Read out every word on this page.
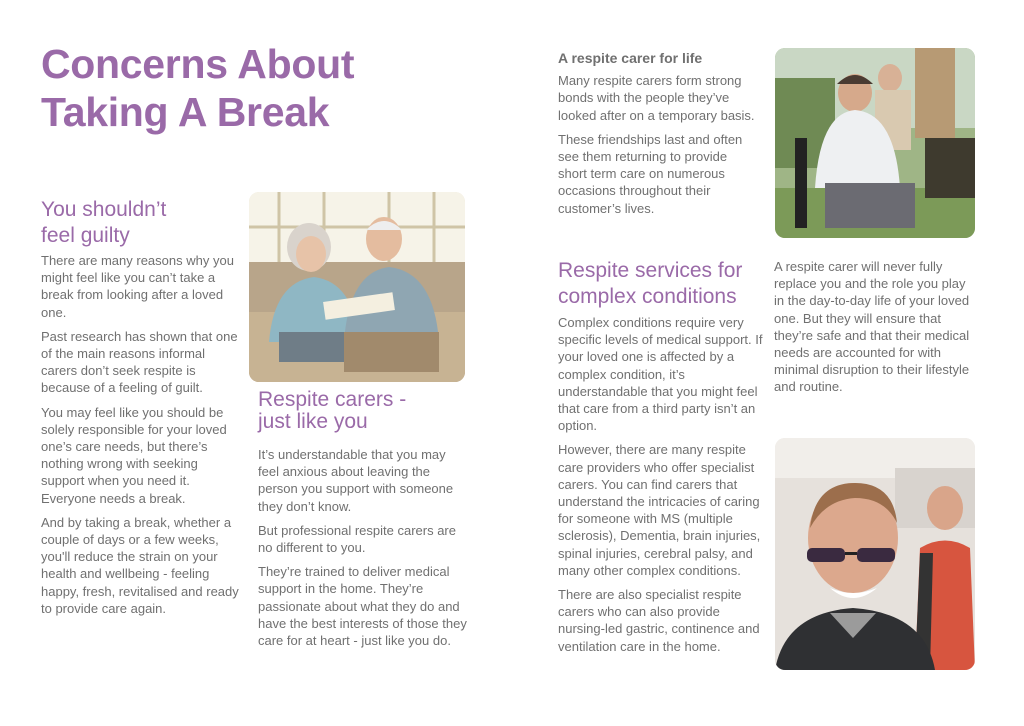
Concerns About
Taking A Break
You shouldn’t
feel guilty

There are many reasons why you might feel like you can’t take a break from looking after a loved one.

Past research has shown that one of the main reasons informal carers don’t seek respite is because of a feeling of guilt.

You may feel like you should be solely responsible for your loved one’s care needs, but there’s nothing wrong with seeking support when you need it. Everyone needs a break.

And by taking a break, whether a couple of days or a few weeks, you'll reduce the strain on your health and wellbeing - feeling happy, fresh, revitalised and ready to provide care again.

Respite carers -
just like you

It’s understandable that you may feel anxious about leaving the person you support with someone they don’t know.

But professional respite carers are no different to you.

They’re trained to deliver medical support in the home. They’re passionate about what they do and have the best interests of those they care for at heart - just like you do.

A respite carer for life

Many respite carers form strong bonds with the people they’ve looked after on a temporary basis.

These friendships last and often see them returning to provide short term care on numerous occasions throughout their customer’s lives.

Respite services for
complex conditions

Complex conditions require very specific levels of medical support. If your loved one is affected by a complex condition, it’s understandable that you might feel that care from a third party isn’t an option.

However, there are many respite care providers who offer specialist carers. You can find carers that understand the intricacies of caring for someone with MS (multiple sclerosis), Dementia, brain injuries, spinal injuries, cerebral palsy, and many other complex conditions.

There are also specialist respite carers who can also provide nursing-led gastric, continence and ventilation care in the home.

A respite carer will never fully replace you and the role you play in the day-to-day life of your loved one. But they will ensure that they’re safe and that their medical needs are accounted for with minimal disruption to their lifestyle and routine.
